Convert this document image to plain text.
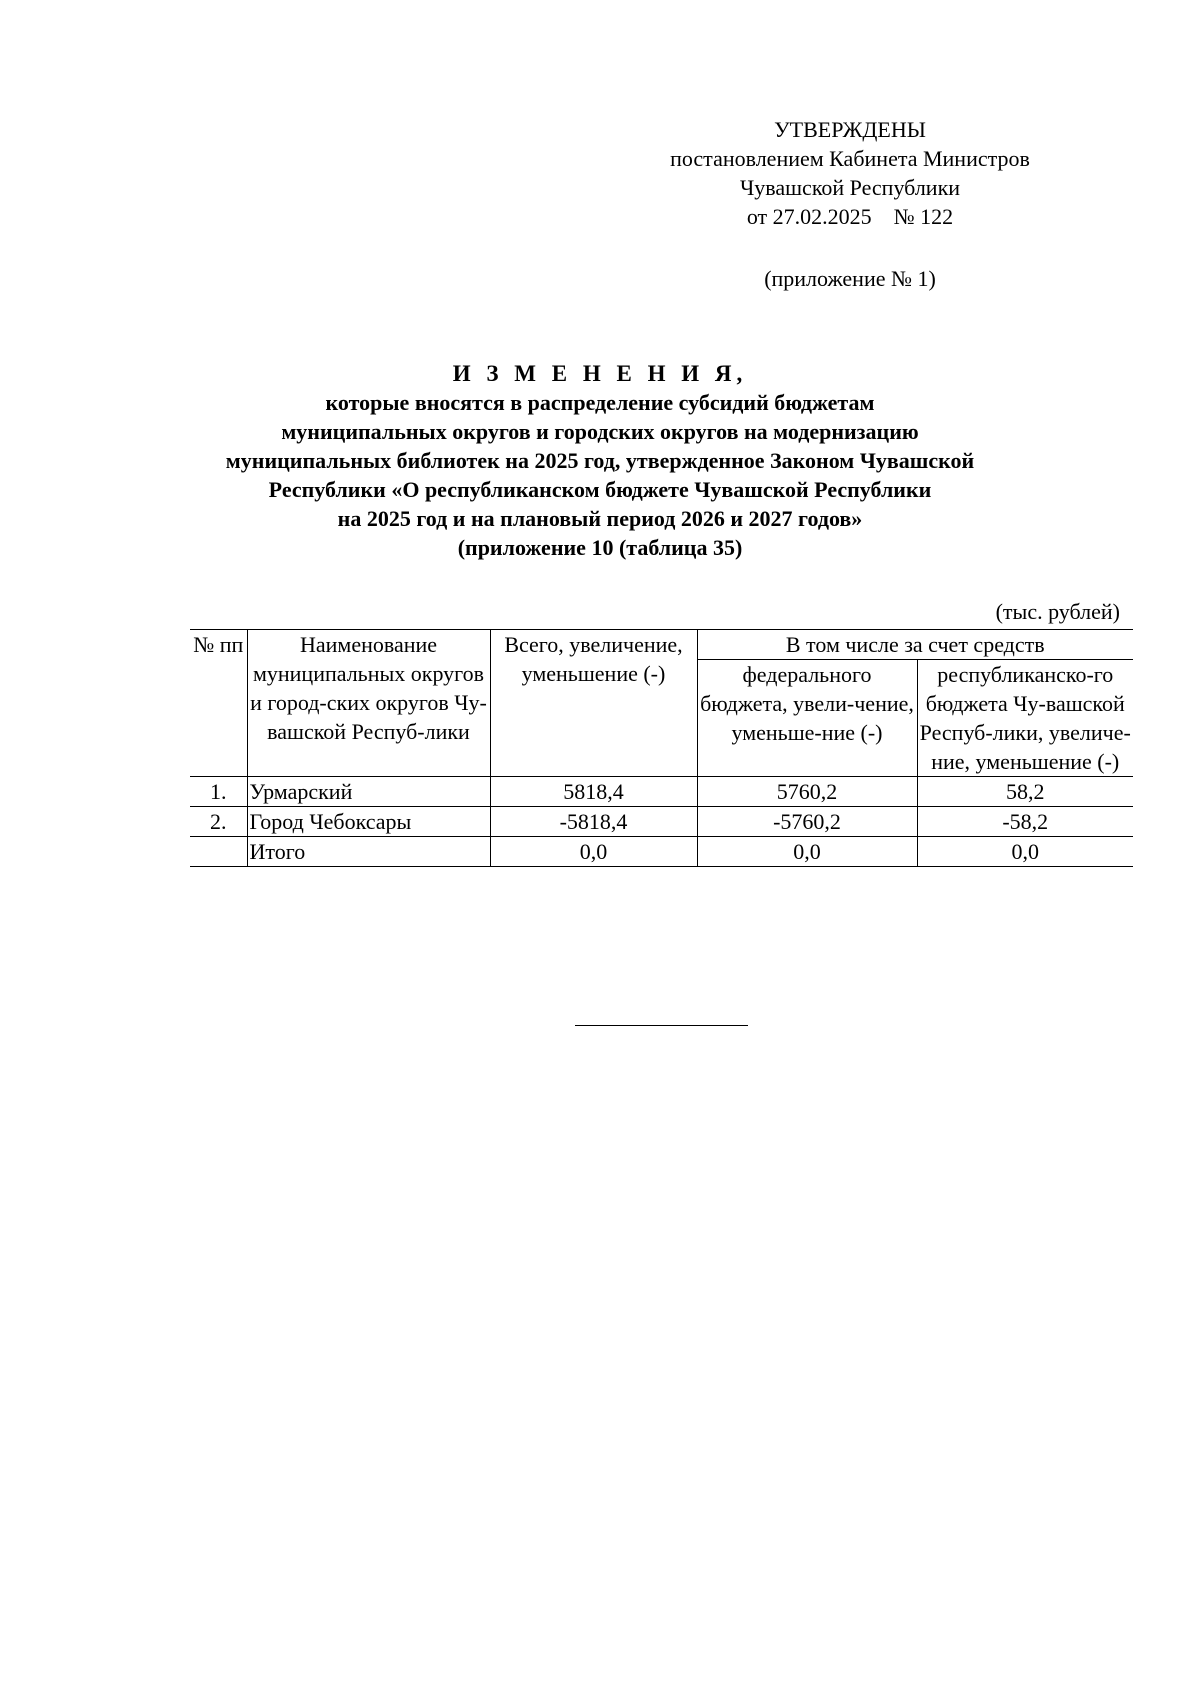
УТВЕРЖДЕНЫ
постановлением Кабинета Министров
Чувашской Республики
от 27.02.2025    № 122
(приложение № 1)
И З М Е Н Е Н И Я,
которые вносятся в распределение субсидий бюджетам
муниципальных округов и городских округов на модернизацию
муниципальных библиотек на 2025 год, утвержденное Законом Чувашской
Республики «О республиканском бюджете Чувашской Республики
на 2025 год и на плановый период 2026 и 2027 годов»
(приложение 10 (таблица 35)
(тыс. рублей)
№ пп	Наименование муниципальных округов и город-ских округов Чу-вашской Респуб-лики	Всего, увеличение, уменьшение (-)	В том числе за счет средств	
			федерального бюджета, увели-чение, уменьше-ние (-)	республиканско-го бюджета Чу-вашской Респуб-лики, увеличе-ние, уменьшение (-)
1.	Урмарский	5818,4	5760,2	58,2
2.	Город Чебоксары	-5818,4	-5760,2	-58,2
	Итого	0,0	0,0	0,0
